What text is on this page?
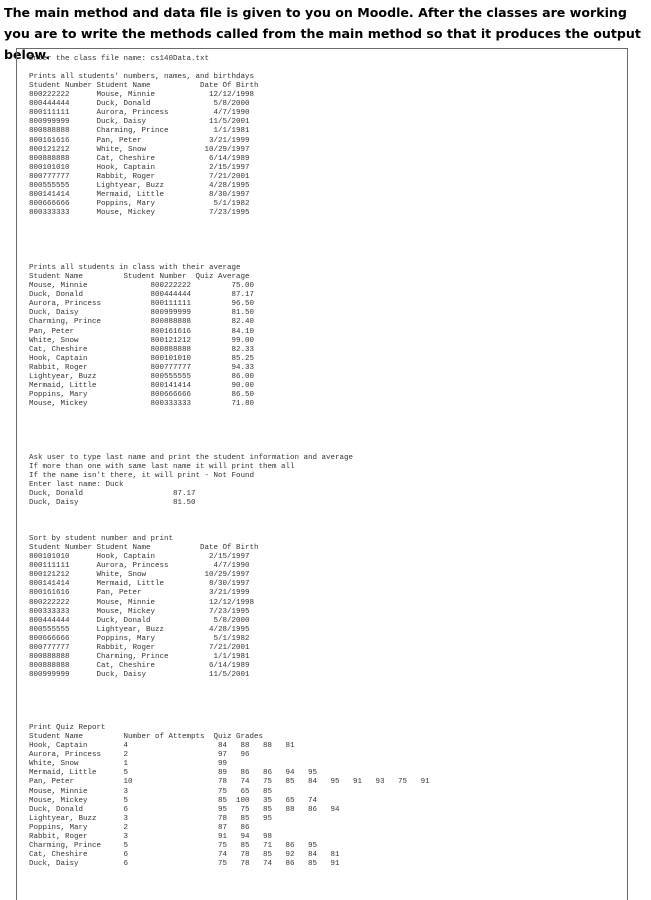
The main method and data file is given to you on Moodle. After the classes are working you are to write the methods called from the main method so that it produces the output below.
Enter the class file name: cs140Data.txt
Prints all students' numbers, names, and birthdays
Student Number Student Name           Date Of Birth
800222222      Mouse, Minnie            12/12/1998
800444444      Duck, Donald              5/8/2000
800111111      Aurora, Princess          4/7/1990
800999999      Duck, Daisy              11/5/2001
800888888      Charming, Prince          1/1/1981
800161616      Pan, Peter               3/21/1999
800121212      White, Snow             10/29/1997
800888888      Cat, Cheshire            6/14/1989
800101010      Hook, Captain            2/15/1997
800777777      Rabbit, Roger            7/21/2001
800555555      Lightyear, Buzz          4/28/1995
800141414      Mermaid, Little          8/30/1997
800666666      Poppins, Mary             5/1/1982
800333333      Mouse, Mickey            7/23/1995

Prints all students in class with their average
Student Name         Student Number  Quiz Average
Mouse, Minnie              800222222         75.00
Duck, Donald               800444444         87.17
Aurora, Princess           800111111         96.50
Duck, Daisy                800999999         81.50
Charming, Prince           800888888         82.40
Pan, Peter                 800161616         84.10
White, Snow                800121212         99.00
Cat, Cheshire              800888888         82.33
Hook, Captain              800101010         85.25
Rabbit, Roger              800777777         94.33
Lightyear, Buzz            800555555         86.00
Mermaid, Little            800141414         90.00
Poppins, Mary              800666666         86.50
Mouse, Mickey              800333333         71.80

Ask user to type last name and print the student information and average
If more than one with same last name it will print them all
If the name isn't there, it will print - Not Found
Enter last name: Duck
Duck, Donald                    87.17
Duck, Daisy                     81.50

Sort by student number and print
Student Number Student Name           Date Of Birth
800101010      Hook, Captain            2/15/1997
800111111      Aurora, Princess          4/7/1990
800121212      White, Snow             10/29/1997
800141414      Mermaid, Little          8/30/1997
800161616      Pan, Peter               3/21/1999
800222222      Mouse, Minnie            12/12/1998
800333333      Mouse, Mickey            7/23/1995
800444444      Duck, Donald              5/8/2000
800555555      Lightyear, Buzz          4/28/1995
800666666      Poppins, Mary             5/1/1982
800777777      Rabbit, Roger            7/21/2001
800888888      Charming, Prince          1/1/1981
800888888      Cat, Cheshire            6/14/1989
800999999      Duck, Daisy              11/5/2001

Print Quiz Report
Student Name         Number of Attempts  Quiz Grades
Hook, Captain        4                    84   88   88   81
Aurora, Princess     2                    97   96
White, Snow          1                    99
Mermaid, Little      5                    89   86   86   94   95
Pan, Peter           10                   78   74   75   85   84   95   91   93   75   91
Mouse, Minnie        3                    75   65   85
Mouse, Mickey        5                    85  100   35   65   74
Duck, Donald         6                    95   75   85   88   86   94
Lightyear, Buzz      3                    78   85   95
Poppins, Mary        2                    87   86
Rabbit, Roger        3                    91   94   98
Charming, Prince     5                    75   85   71   86   95
Cat, Cheshire        6                    74   78   85   92   84   81
Duck, Daisy          6                    75   78   74   86   85   91
